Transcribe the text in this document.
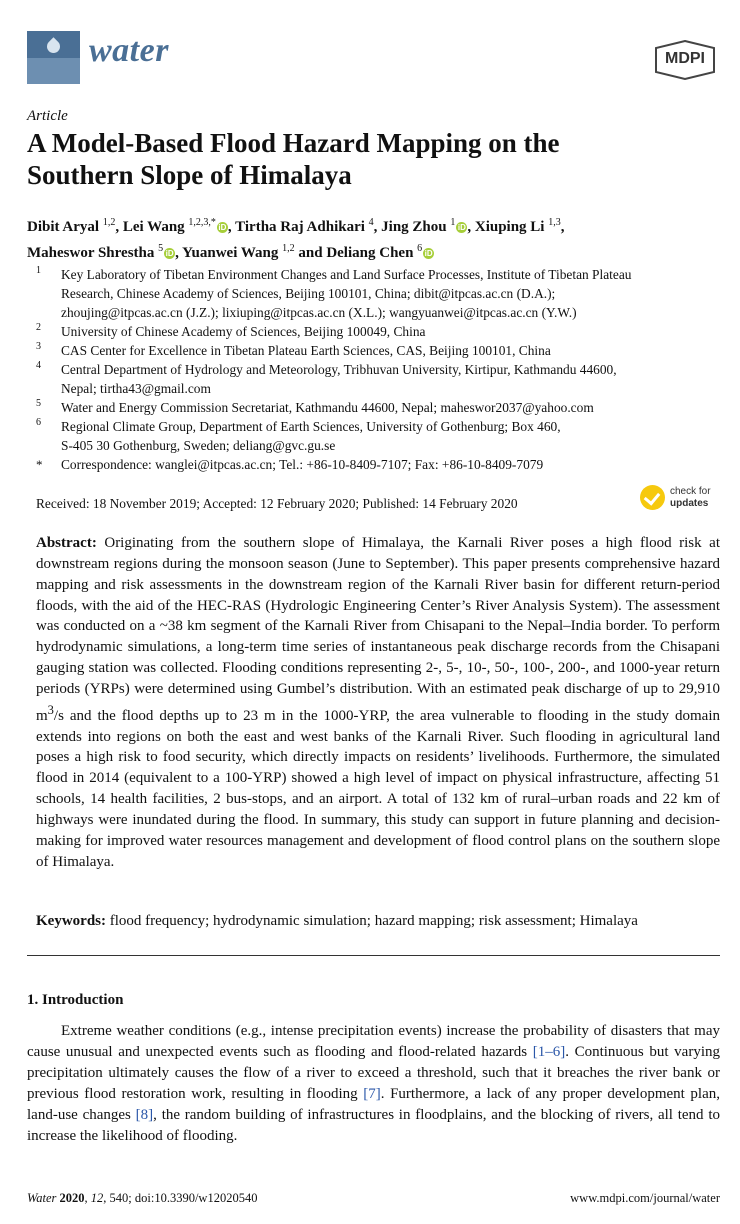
water	MDPI
Article
A Model-Based Flood Hazard Mapping on the
Southern Slope of Himalaya
Dibit Aryal $^{1,2}$, Lei Wang $^{1,2,3,*}$ iD , Tirtha Raj Adhikari $^4$, Jing Zhou $^1$ iD , Xiuping Li $^{1,3}$,
Maheswor Shrestha $^5$ iD , Yuanwei Wang $^{1,2}$ and Deliang Chen $^6$ iD
1 Key Laboratory of Tibetan Environment Changes and Land Surface Processes, Institute of Tibetan Plateau
Research, Chinese Academy of Sciences, Beijing 100101, China; dibit@itpcas.ac.cn (D.A.);
zhoujing@itpcas.ac.cn (J.Z.); lixiuping@itpcas.ac.cn (X.L.); wangyuanwei@itpcas.ac.cn (Y.W.)
2 University of Chinese Academy of Sciences, Beijing 100049, China
3 CAS Center for Excellence in Tibetan Plateau Earth Sciences, CAS, Beijing 100101, China
4 Central Department of Hydrology and Meteorology, Tribhuvan University, Kirtipur, Kathmandu 44600,
Nepal; tirtha43@gmail.com
5 Water and Energy Commission Secretariat, Kathmandu 44600, Nepal; maheswor2037@yahoo.com
6 Regional Climate Group, Department of Earth Sciences, University of Gothenburg; Box 460,
S-405 30 Gothenburg, Sweden; deliang@gvc.gu.se
* Correspondence: wanglei@itpcas.ac.cn; Tel.: +86-10-8409-7107; Fax: +86-10-8409-7079
Received: 18 November 2019; Accepted: 12 February 2020; Published: 14 February 2020
check for
updates
Abstract: Originating from the southern slope of Himalaya, the Karnali River poses a high flood risk at downstream regions during the monsoon season (June to September). This paper presents comprehensive hazard mapping and risk assessments in the downstream region of the Karnali River basin for different return-period floods, with the aid of the HEC-RAS (Hydrologic Engineering Center’s River Analysis System). The assessment was conducted on a ~38 km segment of the Karnali River from Chisapani to the Nepal–India border. To perform hydrodynamic simulations, a long-term time series of instantaneous peak discharge records from the Chisapani gauging station was collected. Flooding conditions representing 2-, 5-, 10-, 50-, 100-, 200-, and 1000-year return periods (YRPs) were determined using Gumbel’s distribution. With an estimated peak discharge of up to 29,910 $m^3/s$ and the flood depths up to 23 m in the 1000-YRP, the area vulnerable to flooding in the study domain extends into regions on both the east and west banks of the Karnali River. Such flooding in agricultural land poses a high risk to food security, which directly impacts on residents’ livelihoods. Furthermore, the simulated flood in 2014 (equivalent to a 100-YRP) showed a high level of impact on physical infrastructure, affecting 51 schools, 14 health facilities, 2 bus-stops, and an airport. A total of 132 km of rural–urban roads and 22 km of highways were inundated during the flood. In summary, this study can support in future planning and decision-making for improved water resources management and development of flood control plans on the southern slope of Himalaya.
Keywords: flood frequency; hydrodynamic simulation; hazard mapping; risk assessment; Himalaya
1. Introduction
Extreme weather conditions (e.g., intense precipitation events) increase the probability of disasters that may cause unusual and unexpected events such as flooding and flood-related hazards [1–6]. Continuous but varying precipitation ultimately causes the flow of a river to exceed a threshold, such that it breaches the river bank or previous flood restoration work, resulting in flooding [7]. Furthermore, a lack of any proper development plan, land-use changes [8], the random building of infrastructures in floodplains, and the blocking of rivers, all tend to increase the likelihood of flooding.
Water 2020, 12, 540; doi:10.3390/w12020540	www.mdpi.com/journal/water
